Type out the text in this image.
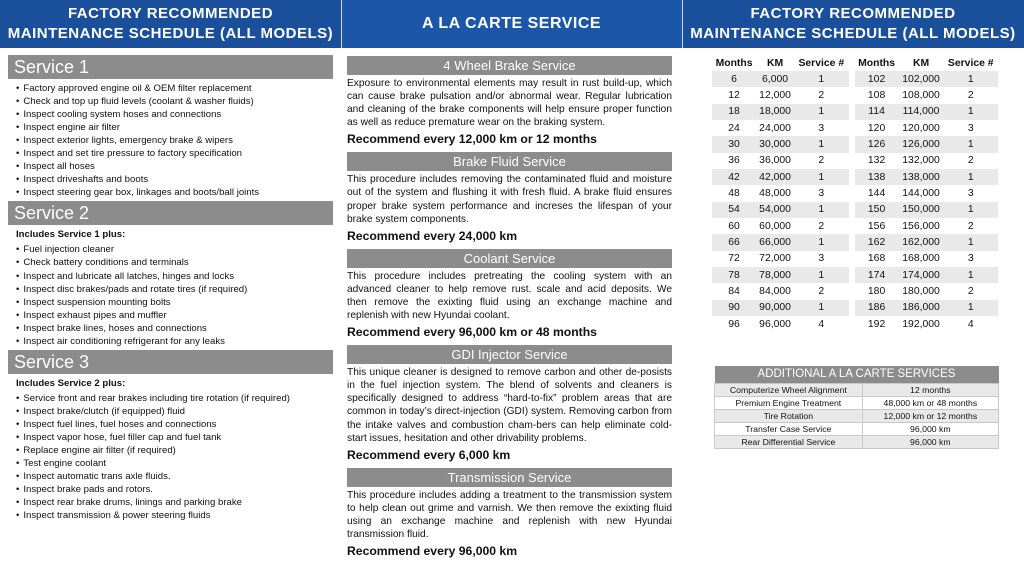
FACTORY RECOMMENDED
MAINTENANCE SCHEDULE (ALL MODELS)
A LA CARTE SERVICE
FACTORY RECOMMENDED
MAINTENANCE SCHEDULE (ALL MODELS)
Service 1
• Factory approved engine oil & OEM filter replacement
• Check and top up fluid levels (coolant & washer fluids)
• Inspect cooling system hoses and connections
• Inspect engine air filter
• Inspect exterior lights, emergency brake & wipers
• Inspect and set tire pressure to factory specification
• Inspect all hoses
• Inspect driveshafts and boots
• Inspect steering gear box, linkages and boots/ball joints
Service 2
Includes Service 1 plus:
• Fuel injection cleaner
• Check battery conditions and terminals
• Inspect and lubricate all latches, hinges and locks
• Inspect disc brakes/pads and rotate tires (if required)
• Inspect suspension mounting bolts
• Inspect exhaust pipes and muffler
• Inspect brake lines, hoses and connections
• Inspect air conditioning refrigerant for any leaks
Service 3
Includes Service 2 plus:
• Service front and rear brakes including tire rotation (if required)
• Inspect brake/clutch (if equipped) fluid
• Inspect fuel lines, fuel hoses and connections
• Inspect vapor hose, fuel filler cap and fuel tank
• Replace engine air filter (if required)
• Test engine coolant
• Inspect automatic trans axle fluids.
• Inspect brake pads and rotors.
• Inspect rear brake drums, linings and parking brake
• Inspect transmission & power steering fluids
4 Wheel Brake Service
Exposure to environmental elements may result in rust build-up, which can cause brake pulsation and/or abnormal wear. Regular lubrication and cleaning of the brake components will help ensure proper function as well as reduce premature wear on the braking system.
Recommend every 12,000 km or 12 months
Brake Fluid Service
This procedure includes removing the contaminated fluid and moisture out of the system and flushing it with fresh fluid. A brake fluid ensures proper brake system performance and increses the lifespan of your brake system components.
Recommend every 24,000 km
Coolant Service
This procedure includes pretreating the cooling system with an advanced cleaner to help remove rust. scale and acid deposits. We then remove the exixting fluid using an exchange machine and replenish with new Hyundai coolant.
Recommend every 96,000 km or 48 months
GDI Injector Service
This unique cleaner is designed to remove carbon and other de-posists in the fuel injection system. The blend of solvents and cleaners is specifically designed to address “hard-to-fix” problem areas that are common in today’s direct-injection (GDI) system. Removing carbon from the intake valves and combustion cham-bers can help eliminate cold-start issues, hesitation and other drivability problems.
Recommend every 6,000 km
Transmission Service
This procedure includes adding a treatment to the transmission system to help clean out grime and varnish. We then remove the exixting fluid using an exchange machine and replenish with new Hyundai transmission fluid.
Recommend every 96,000 km
Months	KM	Service #		Months	KM	Service #
6	6,000	1		102	102,000	1
12	12,000	2		108	108,000	2
18	18,000	1		114	114,000	1
24	24,000	3		120	120,000	3
30	30,000	1		126	126,000	1
36	36,000	2		132	132,000	2
42	42,000	1		138	138,000	1
48	48,000	3		144	144,000	3
54	54,000	1		150	150,000	1
60	60,000	2		156	156,000	2
66	66,000	1		162	162,000	1
72	72,000	3		168	168,000	3
78	78,000	1		174	174,000	1
84	84,000	2		180	180,000	2
90	90,000	1		186	186,000	1
96	96,000	4		192	192,000	4
ADDITIONAL A LA CARTE SERVICES	
Computerize Wheel Alignment	12 months
Premium Engine Treatment	48,000 km or 48 months
Tire Rotation	12,000 km or 12 months
Transfer Case Service	96,000 km
Rear Differential Service	96,000 km
